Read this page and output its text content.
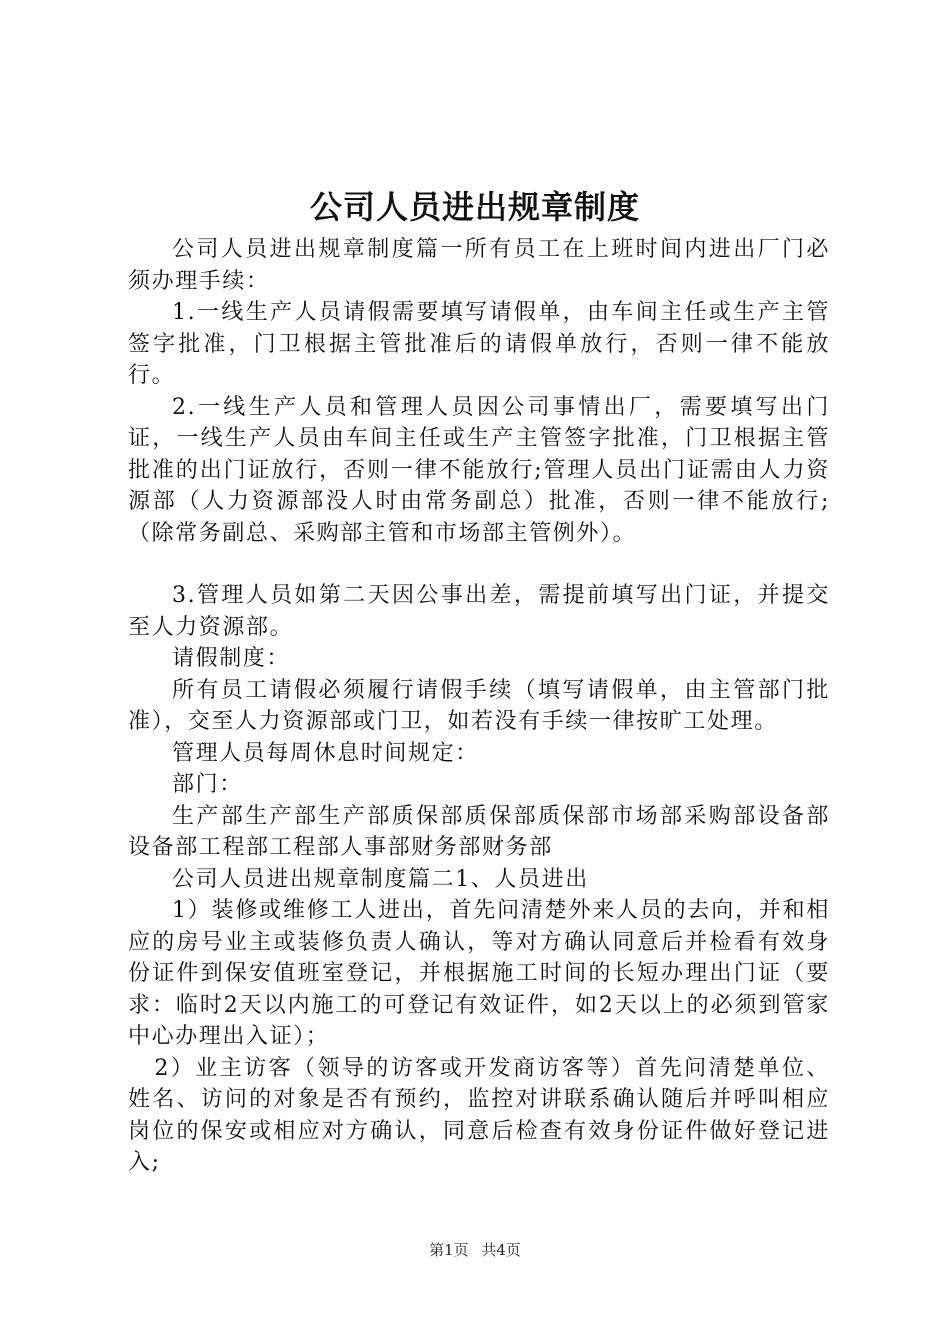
公司人员进出规章制度

公司人员进出规章制度篇一所有员工在上班时间内进出厂门必须办理手续：

1.一线生产人员请假需要填写请假单，由车间主任或生产主管签字批准，门卫根据主管批准后的请假单放行，否则一律不能放行。

2.一线生产人员和管理人员因公司事情出厂，需要填写出门证，一线生产人员由车间主任或生产主管签字批准，门卫根据主管批准的出门证放行，否则一律不能放行;管理人员出门证需由人力资源部（人力资源部没人时由常务副总）批准，否则一律不能放行;（除常务副总、采购部主管和市场部主管例外）。

3.管理人员如第二天因公事出差，需提前填写出门证，并提交至人力资源部。

请假制度：

所有员工请假必须履行请假手续（填写请假单，由主管部门批准），交至人力资源部或门卫，如若没有手续一律按旷工处理。

管理人员每周休息时间规定：

部门：

生产部生产部生产部质保部质保部质保部市场部采购部设备部设备部工程部工程部人事部财务部财务部

公司人员进出规章制度篇二1、人员进出

1）装修或维修工人进出，首先问清楚外来人员的去向，并和相应的房号业主或装修负责人确认，等对方确认同意后并检看有效身份证件到保安值班室登记，并根据施工时间的长短办理出门证（要求：临时2天以内施工的可登记有效证件，如2天以上的必须到管家中心办理出入证）；

2）业主访客（领导的访客或开发商访客等）首先问清楚单位、姓名、访问的对象是否有预约，监控对讲联系确认随后并呼叫相应岗位的保安或相应对方确认，同意后检查有效身份证件做好登记进入;

第1页 共4页
